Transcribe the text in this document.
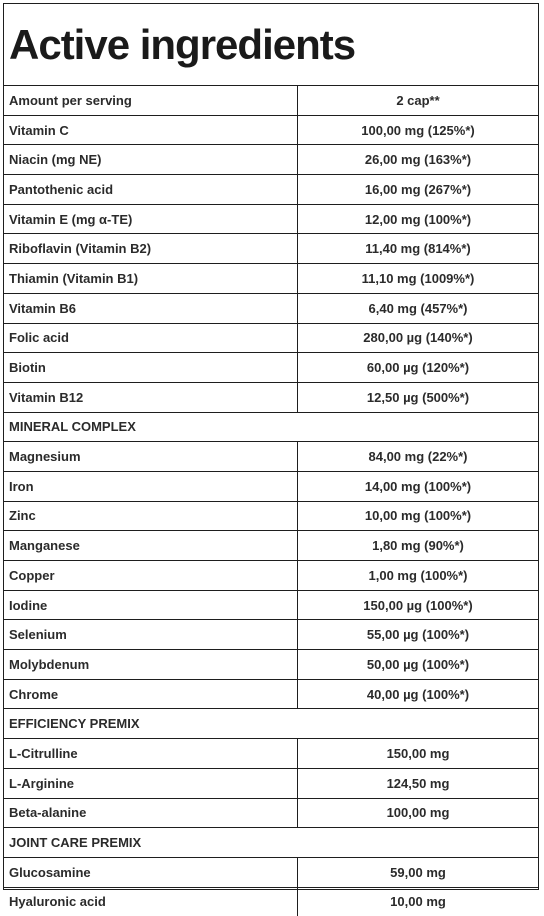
Active ingredients
Amount per serving	2 cap**
Vitamin C	100,00 mg (125%*)
Niacin (mg NE)	26,00 mg (163%*)
Pantothenic acid	16,00 mg (267%*)
Vitamin E (mg α-TE)	12,00 mg (100%*)
Riboflavin (Vitamin B2)	11,40 mg (814%*)
Thiamin (Vitamin B1)	11,10 mg (1009%*)
Vitamin B6	6,40 mg (457%*)
Folic acid	280,00 µg (140%*)
Biotin	60,00 µg (120%*)
Vitamin B12	12,50 µg (500%*)
MINERAL COMPLEX	
Magnesium	84,00 mg (22%*)
Iron	14,00 mg (100%*)
Zinc	10,00 mg (100%*)
Manganese	1,80 mg (90%*)
Copper	1,00 mg (100%*)
Iodine	150,00 µg (100%*)
Selenium	55,00 µg (100%*)
Molybdenum	50,00 µg (100%*)
Chrome	40,00 µg (100%*)
EFFICIENCY PREMIX	
L-Citrulline	150,00 mg
L-Arginine	124,50 mg
Beta-alanine	100,00 mg
JOINT CARE PREMIX	
Glucosamine	59,00 mg
Hyaluronic acid	10,00 mg
